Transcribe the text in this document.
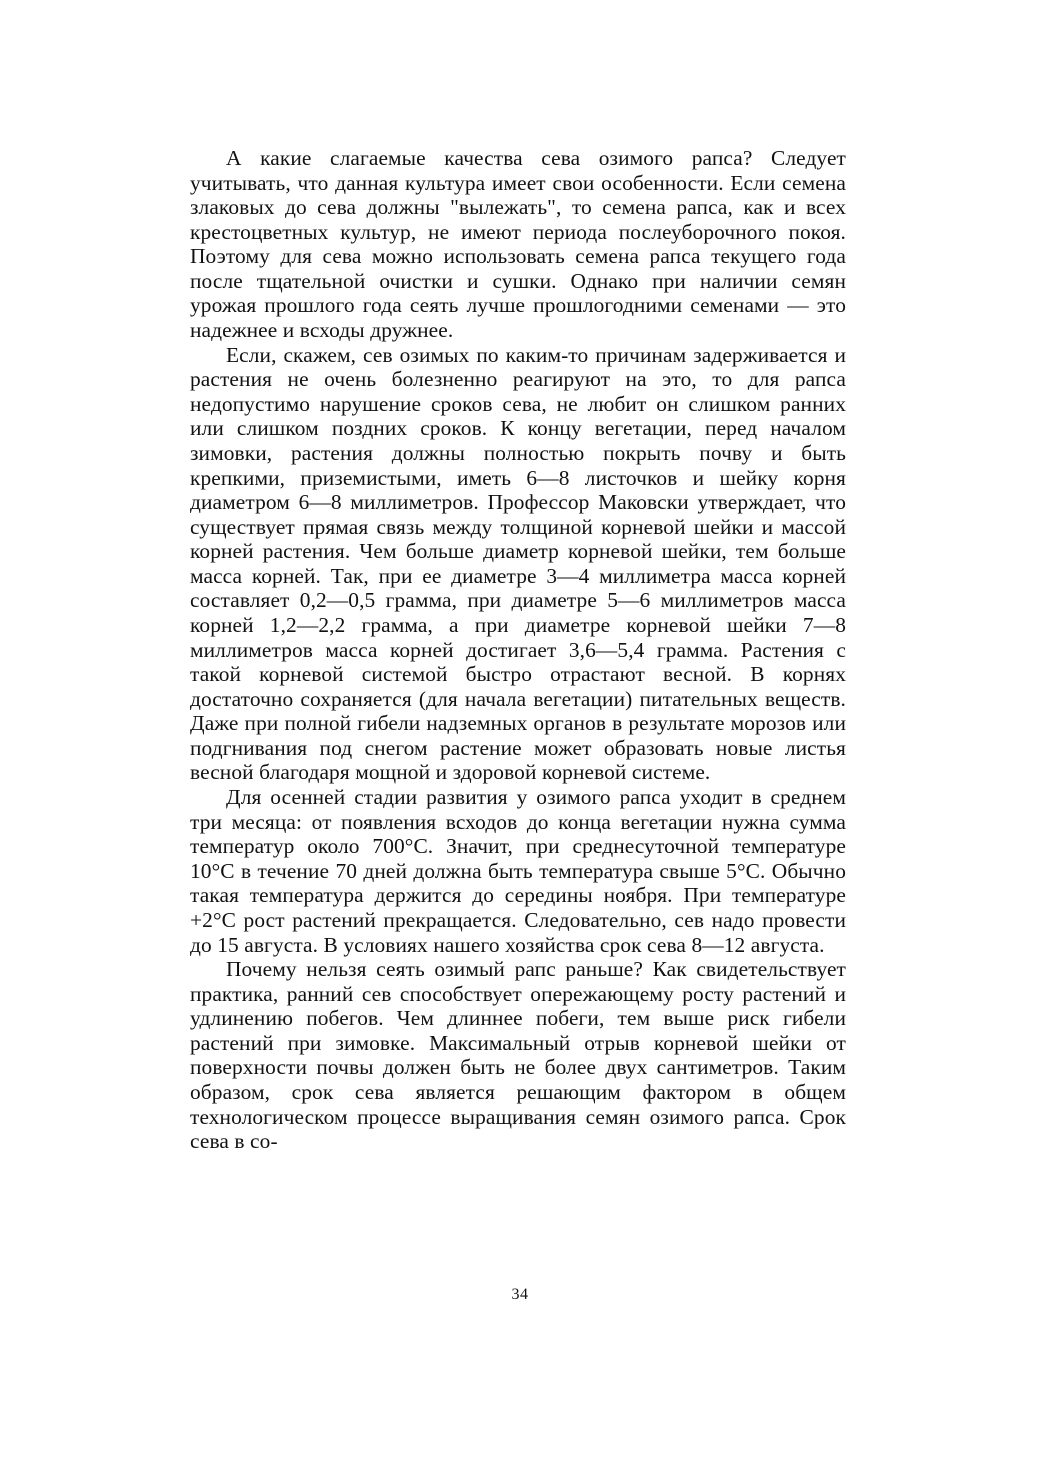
А какие слагаемые качества сева озимого рапса? Следует учитывать, что данная культура имеет свои особенности. Если семена злаковых до сева должны "вылежать", то семена рапса, как и всех крестоцветных культур, не имеют периода послеуборочного покоя. Поэтому для сева можно использовать семена рапса текущего года после тщательной очистки и сушки. Однако при наличии семян урожая прошлого года сеять лучше прошлогодними семенами — это надежнее и всходы дружнее.

Если, скажем, сев озимых по каким-то причинам задерживается и растения не очень болезненно реагируют на это, то для рапса недопустимо нарушение сроков сева, не любит он слишком ранних или слишком поздних сроков. К концу вегетации, перед началом зимовки, растения должны полностью покрыть почву и быть крепкими, приземистыми, иметь 6—8 листочков и шейку корня диаметром 6—8 миллиметров. Профессор Маковски утверждает, что существует прямая связь между толщиной корневой шейки и массой корней растения. Чем больше диаметр корневой шейки, тем больше масса корней. Так, при ее диаметре 3—4 миллиметра масса корней составляет 0,2—0,5 грамма, при диаметре 5—6 миллиметров масса корней 1,2—2,2 грамма, а при диаметре корневой шейки 7—8 миллиметров масса корней достигает 3,6—5,4 грамма. Растения с такой корневой системой быстро отрастают весной. В корнях достаточно сохраняется (для начала вегетации) питательных веществ. Даже при полной гибели надземных органов в результате морозов или подгнивания под снегом растение может образовать новые листья весной благодаря мощной и здоровой корневой системе.

Для осенней стадии развития у озимого рапса уходит в среднем три месяца: от появления всходов до конца вегетации нужна сумма температур около 700°С. Значит, при среднесуточной температуре 10°С в течение 70 дней должна быть температура свыше 5°С. Обычно такая температура держится до середины ноября. При температуре +2°С рост растений прекращается. Следовательно, сев надо провести до 15 августа. В условиях нашего хозяйства срок сева 8—12 августа.

Почему нельзя сеять озимый рапс раньше? Как свидетельствует практика, ранний сев способствует опережающему росту растений и удлинению побегов. Чем длиннее побеги, тем выше риск гибели растений при зимовке. Максимальный отрыв корневой шейки от поверхности почвы должен быть не более двух сантиметров. Таким образом, срок сева является решающим фактором в общем технологическом процессе выращивания семян озимого рапса. Срок сева в со-

34
